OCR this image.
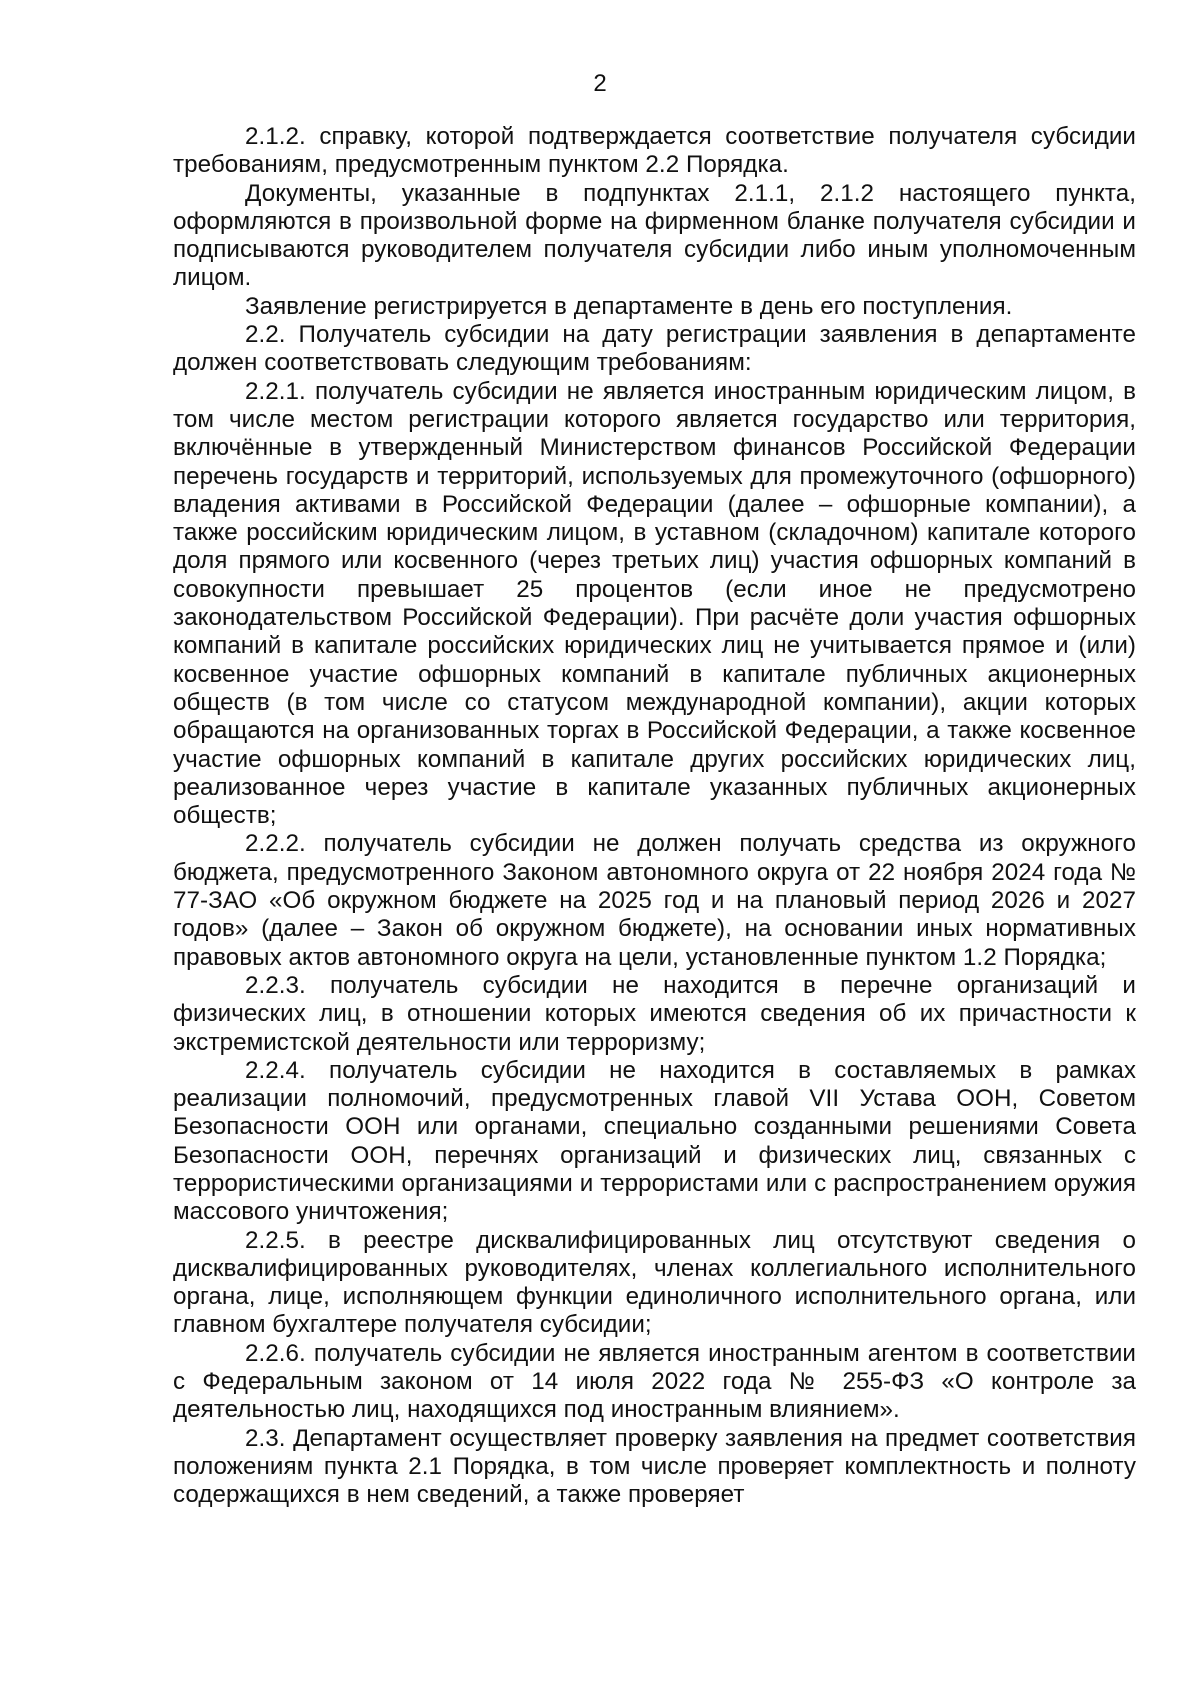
2

2.1.2. справку, которой подтверждается соответствие получателя субсидии требованиям, предусмотренным пунктом 2.2 Порядка.

Документы, указанные в подпунктах 2.1.1, 2.1.2 настоящего пункта, оформляются в произвольной форме на фирменном бланке получателя субсидии и подписываются руководителем получателя субсидии либо иным уполномоченным лицом.

Заявление регистрируется в департаменте в день его поступления.

2.2. Получатель субсидии на дату регистрации заявления в департаменте должен соответствовать следующим требованиям:

2.2.1. получатель субсидии не является иностранным юридическим лицом, в том числе местом регистрации которого является государство или территория, включённые в утвержденный Министерством финансов Российской Федерации перечень государств и территорий, используемых для промежуточного (офшорного) владения активами в Российской Федерации (далее – офшорные компании), а также российским юридическим лицом, в уставном (складочном) капитале которого доля прямого или косвенного (через третьих лиц) участия офшорных компаний в совокупности превышает 25 процентов (если иное не предусмотрено законодательством Российской Федерации). При расчёте доли участия офшорных компаний в капитале российских юридических лиц не учитывается прямое и (или) косвенное участие офшорных компаний в капитале публичных акционерных обществ (в том числе со статусом международной компании), акции которых обращаются на организованных торгах в Российской Федерации, а также косвенное участие офшорных компаний в капитале других российских юридических лиц, реализованное через участие в капитале указанных публичных акционерных обществ;

2.2.2. получатель субсидии не должен получать средства из окружного бюджета, предусмотренного Законом автономного округа от 22 ноября 2024 года № 77-ЗАО «Об окружном бюджете на 2025 год и на плановый период 2026 и 2027 годов» (далее – Закон об окружном бюджете), на основании иных нормативных правовых актов автономного округа на цели, установленные пунктом 1.2 Порядка;

2.2.3. получатель субсидии не находится в перечне организаций и физических лиц, в отношении которых имеются сведения об их причастности к экстремистской деятельности или терроризму;

2.2.4. получатель субсидии не находится в составляемых в рамках реализации полномочий, предусмотренных главой VII Устава ООН, Советом Безопасности ООН или органами, специально созданными решениями Совета Безопасности ООН, перечнях организаций и физических лиц, связанных с террористическими организациями и террористами или с распространением оружия массового уничтожения;

2.2.5. в реестре дисквалифицированных лиц отсутствуют сведения о дисквалифицированных руководителях, членах коллегиального исполнительного органа, лице, исполняющем функции единоличного исполнительного органа, или главном бухгалтере получателя субсидии;

2.2.6. получатель субсидии не является иностранным агентом в соответствии с Федеральным законом от 14 июля 2022 года № 255-ФЗ «О контроле за деятельностью лиц, находящихся под иностранным влиянием».

2.3. Департамент осуществляет проверку заявления на предмет соответствия положениям пункта 2.1 Порядка, в том числе проверяет комплектность и полноту содержащихся в нем сведений, а также проверяет
